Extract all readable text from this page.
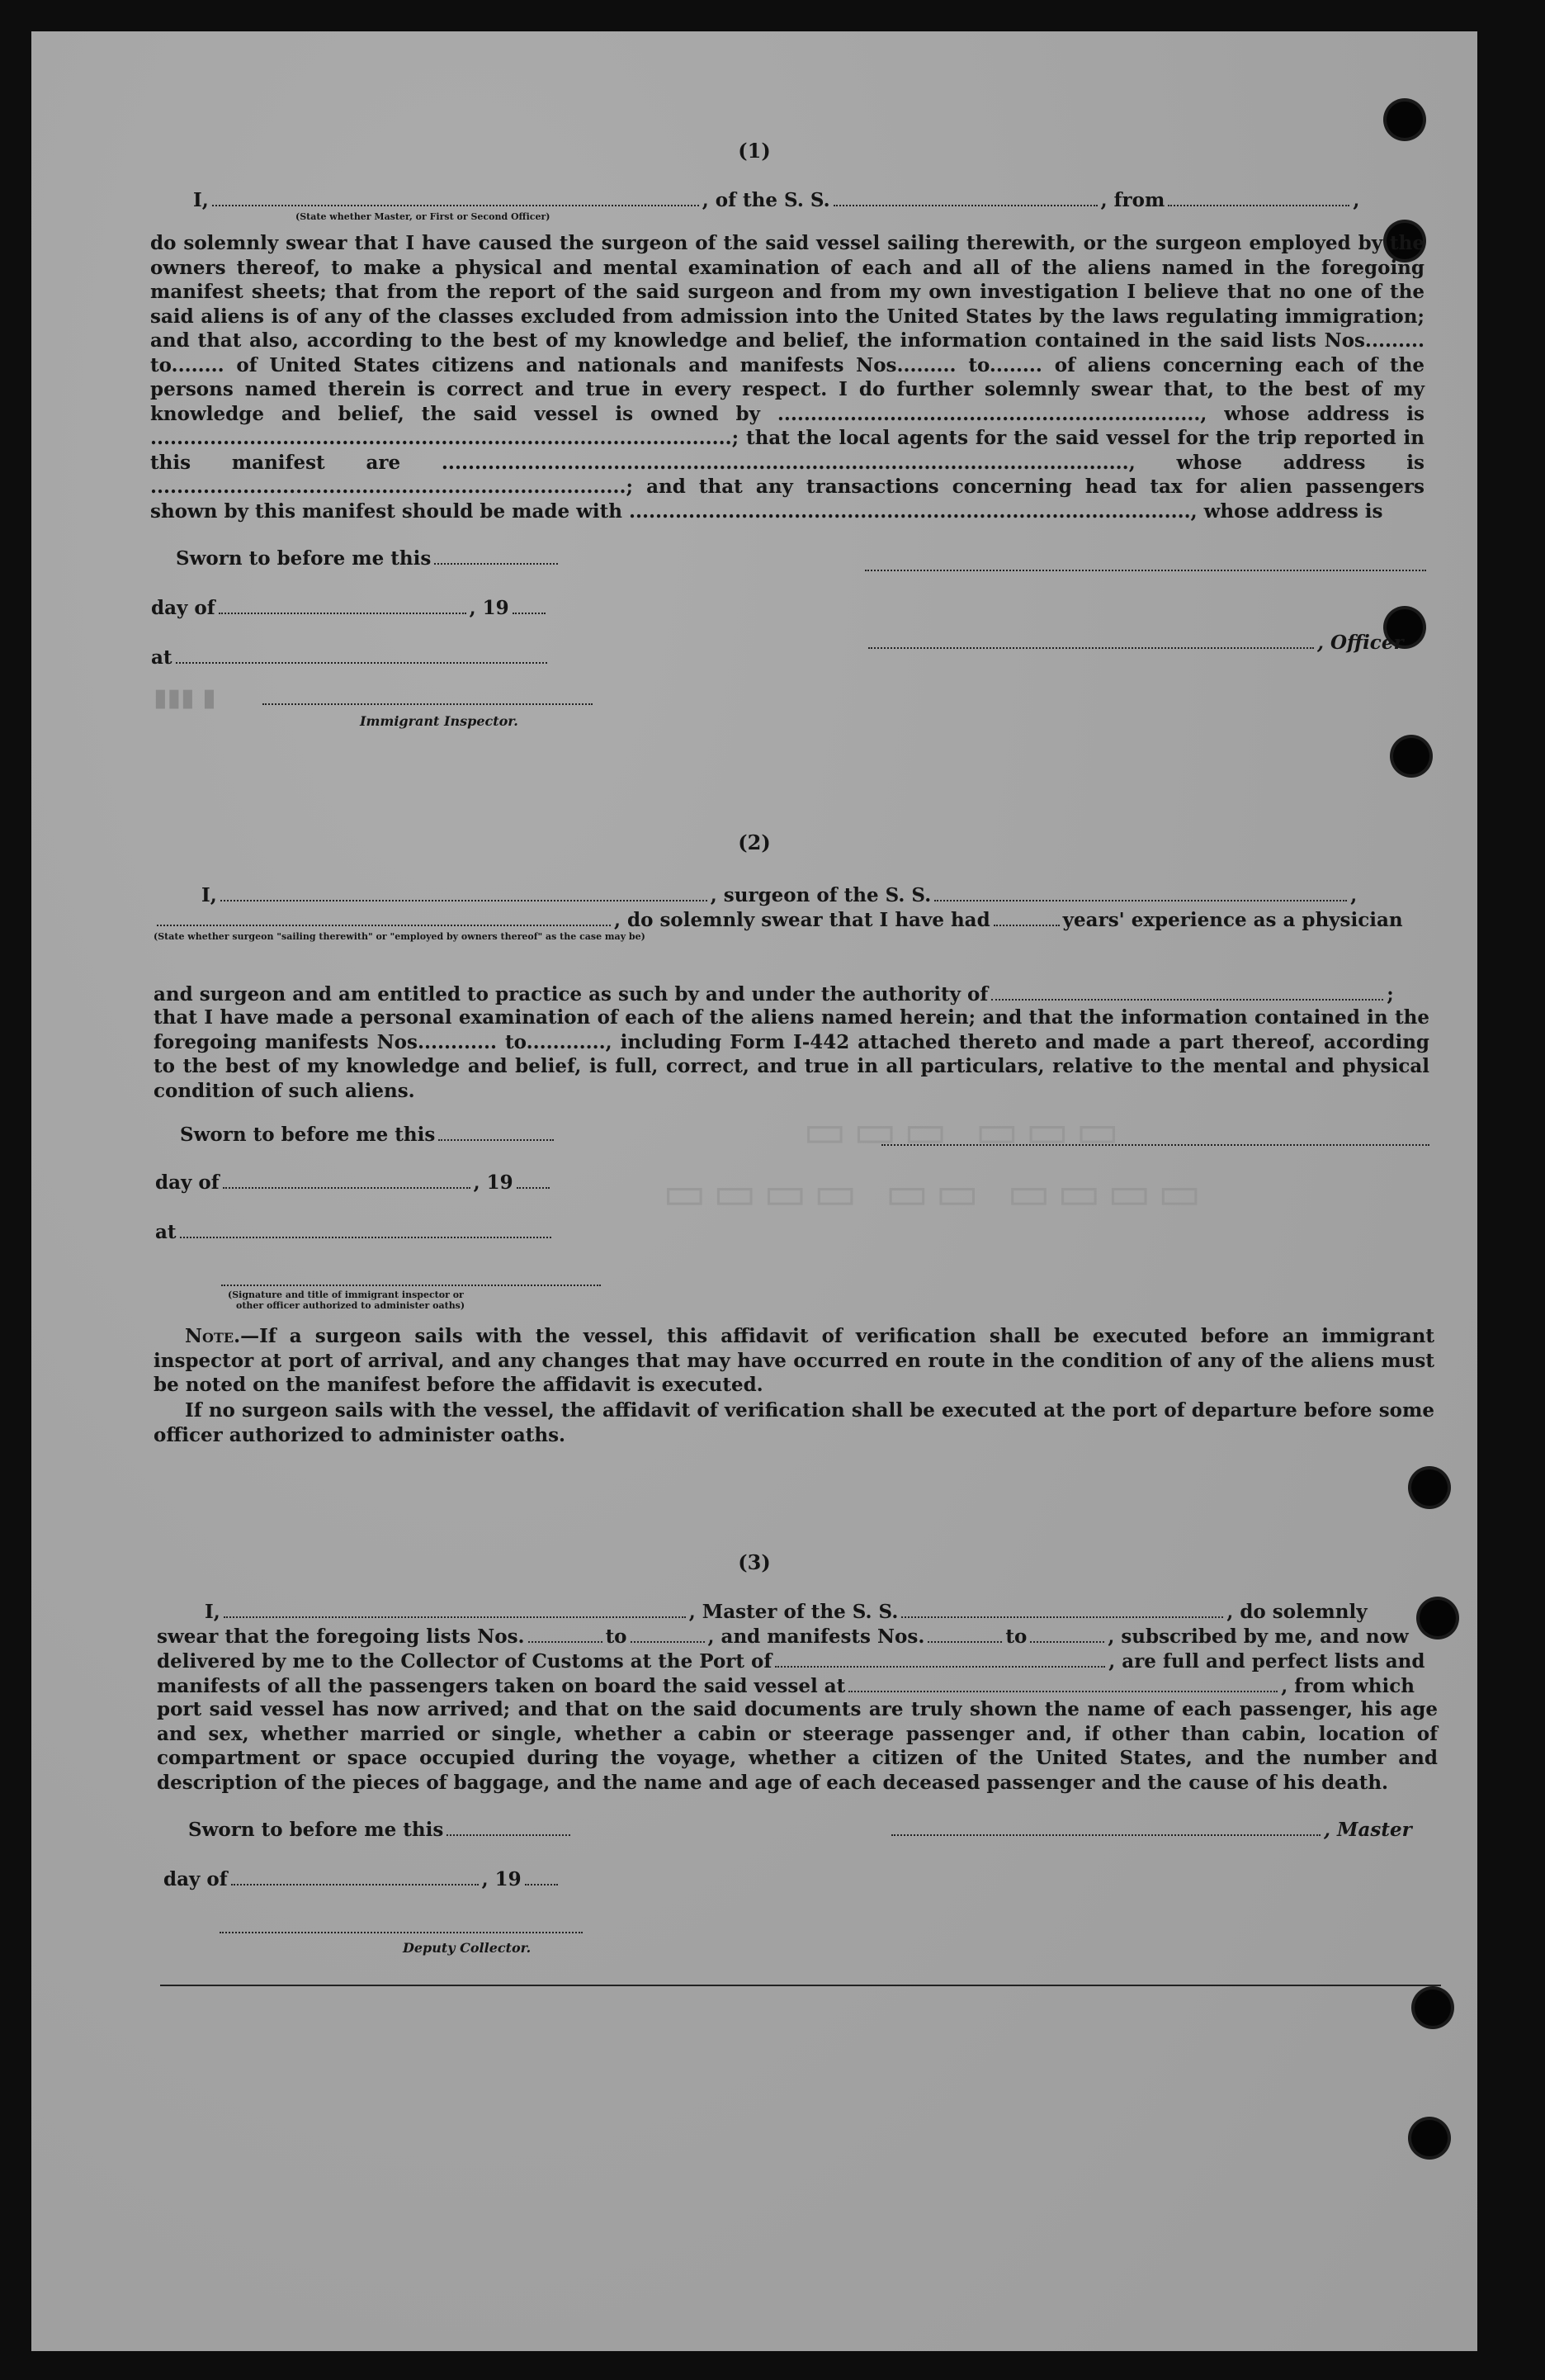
▭▭▭ ▭▭▭
▭▭▭▭ ▭▭ ▭▭▭▭
(1)
I,	, of the S. S.	, from	,
(State whether Master, or First or Second Officer)
do solemnly swear that I have caused the surgeon of the said vessel sailing therewith, or the surgeon employed by the owners thereof, to make a physical and mental examination of each and all of the aliens named in the foregoing manifest sheets; that from the report of the said surgeon and from my own investigation I believe that no one of the said aliens is of any of the classes excluded from admission into the United States by the laws regulating immigration; and that also, according to the best of my knowledge and belief, the information contained in the said lists Nos......... to........ of United States citizens and nationals and manifests Nos......... to........ of aliens concerning each of the persons named therein is correct and true in every respect. I do further solemnly swear that, to the best of my knowledge and belief, the said vessel is owned by ................................................................, whose address is ........................................................................................; that the local agents for the said vessel for the trip reported in this manifest are ........................................................................................................, whose address is ........................................................................; and that any transactions concerning head tax for alien passengers shown by this manifest should be made with ....................................................................................., whose address is
Sworn to before me this
day of	, 19
, Officer
at
▮▮▮ ▮
Immigrant Inspector.
(2)
I,	, surgeon of the S. S.	,
, do solemnly swear that I have had	years' experience as a physician
(State whether surgeon "sailing therewith" or "employed by owners thereof" as the case may be)
and surgeon and am entitled to practice as such by and under the authority of	;
that I have made a personal examination of each of the aliens named herein; and that the information contained in the foregoing manifests Nos............ to............, including Form I-442 attached thereto and made a part thereof, according to the best of my knowledge and belief, is full, correct, and true in all particulars, relative to the mental and physical condition of such aliens.
Sworn to before me this
day of	, 19
at
(Signature and title of immigrant inspector or
other officer authorized to administer oaths)
Note.—If a surgeon sails with the vessel, this affidavit of verification shall be executed before an immigrant inspector at port of arrival, and any changes that may have occurred en route in the condition of any of the aliens must be noted on the manifest before the affidavit is executed.
If no surgeon sails with the vessel, the affidavit of verification shall be executed at the port of departure before some officer authorized to administer oaths.
(3)
I,	, Master of the S. S.	, do solemnly
swear that the foregoing lists Nos.	to	, and manifests Nos.	to	, subscribed by me, and now
delivered by me to the Collector of Customs at the Port of	, are full and perfect lists and
manifests of all the passengers taken on board the said vessel at	, from which
port said vessel has now arrived; and that on the said documents are truly shown the name of each passenger, his age and sex, whether married or single, whether a cabin or steerage passenger and, if other than cabin, location of compartment or space occupied during the voyage, whether a citizen of the United States, and the number and description of the pieces of baggage, and the name and age of each deceased passenger and the cause of his death.
Sworn to before me this	, Master
day of	, 19
Deputy Collector.
